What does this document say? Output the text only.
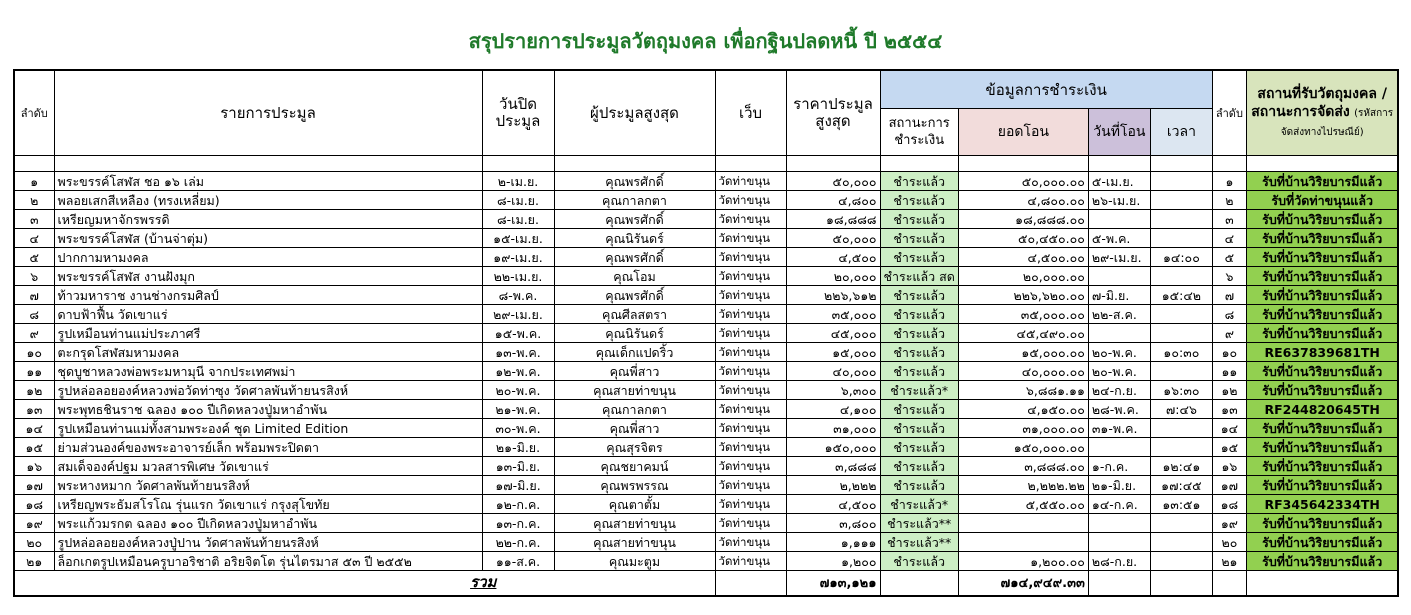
สรุปรายการประมูลวัตถุมงคล เพื่อกฐินปลดหนี้ ปี ๒๕๕๔
ลำดับ	รายการประมูล	วันปิดประมูล	ผู้ประมูลสูงสุด	เว็บ	ราคาประมูลสูงสุด	ข้อมูลการชำระเงิน				ลำดับ	สถานที่รับวัตถุมงคล / สถานะการจัดส่ง (รหัสการจัดส่งทางไปรษณีย์)
						สถานะการชำระเงิน	ยอดโอน	วันที่โอน	เวลา		

๑	พระขรรค์โสฬส ชอ ๑๖ เล่ม	๒-เม.ย.	คุณพรศักดิ์	วัดท่าขนุน	๕๐,๐๐๐	ชำระแล้ว	๕๐,๐๐๐.๐๐	๕-เม.ย.		๑	รับที่บ้านวิริยบารมีแล้ว
๒	พลอยเสกสีเหลือง (ทรงเหลี่ยม)	๘-เม.ย.	คุณกาลกตา	วัดท่าขนุน	๔,๘๐๐	ชำระแล้ว	๔,๘๐๐.๐๐	๒๖-เม.ย.		๒	รับที่วัดท่าขนุนแล้ว
๓	เหรียญมหาจักรพรรดิ	๘-เม.ย.	คุณพรศักดิ์	วัดท่าขนุน	๑๘,๘๘๘	ชำระแล้ว	๑๘,๘๘๘.๐๐			๓	รับที่บ้านวิริยบารมีแล้ว
๔	พระขรรค์โสฬส (บ้านจ่าตุ่ม)	๑๕-เม.ย.	คุณนิรันดร์	วัดท่าขนุน	๕๐,๐๐๐	ชำระแล้ว	๕๐,๔๕๐.๐๐	๕-พ.ค.		๔	รับที่บ้านวิริยบารมีแล้ว
๕	ปากกามหามงคล	๑๙-เม.ย.	คุณพรศักดิ์	วัดท่าขนุน	๔,๕๐๐	ชำระแล้ว	๔,๕๐๐.๐๐	๒๙-เม.ย.	๑๔:๐๐	๕	รับที่บ้านวิริยบารมีแล้ว
๖	พระขรรค์โสฬส งานฝังมุก	๒๒-เม.ย.	คุณโอม	วัดท่าขนุน	๒๐,๐๐๐	ชำระแล้ว สด	๒๐,๐๐๐.๐๐			๖	รับที่บ้านวิริยบารมีแล้ว
๗	ท้าวมหาราช งานช่างกรมศิลป์	๘-พ.ค.	คุณพรศักดิ์	วัดท่าขนุน	๒๒๖,๖๑๒	ชำระแล้ว	๒๒๖,๖๒๐.๐๐	๗-มิ.ย.	๑๕:๔๒	๗	รับที่บ้านวิริยบารมีแล้ว
๘	ดาบฟ้าฟื้น วัดเขาแร่	๒๙-เม.ย.	คุณศีลสตรา	วัดท่าขนุน	๓๕,๐๐๐	ชำระแล้ว	๓๕,๐๐๐.๐๐	๒๒-ส.ค.		๘	รับที่บ้านวิริยบารมีแล้ว
๙	รูปเหมือนท่านแม่ประภาศรี	๑๕-พ.ค.	คุณนิรันดร์	วัดท่าขนุน	๔๕,๐๐๐	ชำระแล้ว	๔๕,๔๙๐.๐๐			๙	รับที่บ้านวิริยบารมีแล้ว
๑๐	ตะกรุดโสฬสมหามงคล	๑๓-พ.ค.	คุณเด็กแปดริ้ว	วัดท่าขนุน	๑๕,๐๐๐	ชำระแล้ว	๑๕,๐๐๐.๐๐	๒๐-พ.ค.	๑๐:๓๐	๑๐	RE637839681TH
๑๑	ชุดบูชาหลวงพ่อพระมหามุนี จากประเทศพม่า	๑๒-พ.ค.	คุณพี่สาว	วัดท่าขนุน	๔๐,๐๐๐	ชำระแล้ว	๔๐,๐๐๐.๐๐	๒๐-พ.ค.		๑๑	รับที่บ้านวิริยบารมีแล้ว
๑๒	รูปหล่อลอยองค์หลวงพ่อวัดท่าซุง วัดศาลพันท้ายนรสิงห์	๒๐-พ.ค.	คุณสายท่าขนุน	วัดท่าขนุน	๖,๓๐๐	ชำระแล้ว*	๖,๘๘๑.๑๑	๒๔-ก.ย.	๑๖:๓๐	๑๒	รับที่บ้านวิริยบารมีแล้ว
๑๓	พระพุทธชินราช ฉลอง ๑๐๐ ปีเกิดหลวงปู่มหาอำพัน	๒๑-พ.ค.	คุณกาลกตา	วัดท่าขนุน	๔,๑๐๐	ชำระแล้ว	๔,๑๕๐.๐๐	๒๘-พ.ค.	๗:๔๖	๑๓	RF244820645TH
๑๔	รูปเหมือนท่านแม่ทั้งสามพระองค์ ชุด Limited Edition	๓๐-พ.ค.	คุณพี่สาว	วัดท่าขนุน	๓๑,๐๐๐	ชำระแล้ว	๓๑,๐๐๐.๐๐	๓๑-พ.ค.		๑๔	รับที่บ้านวิริยบารมีแล้ว
๑๕	ย่ามส่วนองค์ของพระอาจารย์เล็ก พร้อมพระปิดตา	๒๑-มิ.ย.	คุณสุรจิตร	วัดท่าขนุน	๑๕๐,๐๐๐	ชำระแล้ว	๑๕๐,๐๐๐.๐๐			๑๕	รับที่บ้านวิริยบารมีแล้ว
๑๖	สมเด็จองค์ปฐม มวลสารพิเศษ วัดเขาแร่	๑๓-มิ.ย.	คุณชยาคมน์	วัดท่าขนุน	๓,๘๘๘	ชำระแล้ว	๓,๘๘๘.๐๐	๑-ก.ค.	๑๒:๔๑	๑๖	รับที่บ้านวิริยบารมีแล้ว
๑๗	พระหางหมาก วัดศาลพันท้ายนรสิงห์	๑๗-มิ.ย.	คุณพรพรรณ	วัดท่าขนุน	๒,๒๒๒	ชำระแล้ว	๒,๒๒๒.๒๒	๒๑-มิ.ย.	๑๗:๔๕	๑๗	รับที่บ้านวิริยบารมีแล้ว
๑๘	เหรียญพระธัมสโรโณ รุ่นแรก วัดเขาแร่ กรุงสุโขทัย	๑๒-ก.ค.	คุณตาตั้ม	วัดท่าขนุน	๔,๕๐๐	ชำระแล้ว*	๕,๕๕๐.๐๐	๑๔-ก.ค.	๑๓:๕๑	๑๘	RF345642334TH
๑๙	พระแก้วมรกต ฉลอง ๑๐๐ ปีเกิดหลวงปู่มหาอำพัน	๑๓-ก.ค.	คุณสายท่าขนุน	วัดท่าขนุน	๓,๘๐๐	ชำระแล้ว**				๑๙	รับที่บ้านวิริยบารมีแล้ว
๒๐	รูปหล่อลอยองค์หลวงปู่ปาน วัดศาลพันท้ายนรสิงห์	๒๒-ก.ค.	คุณสายท่าขนุน	วัดท่าขนุน	๑,๑๑๑	ชำระแล้ว**				๒๐	รับที่บ้านวิริยบารมีแล้ว
๒๑	ล็อกเกตรูปเหมือนครูบาอริชาติ อริยจิตโต รุ่นไตรมาส ๕๓ ปี ๒๕๕๒	๑๑-ส.ค.	คุณมะตูม	วัดท่าขนุน	๑,๒๐๐	ชำระแล้ว	๑,๒๐๐.๐๐	๒๘-ก.ย.		๒๑	รับที่บ้านวิริยบารมีแล้ว
รวม					๗๑๓,๑๒๑		๗๑๔,๙๔๙.๓๓				
